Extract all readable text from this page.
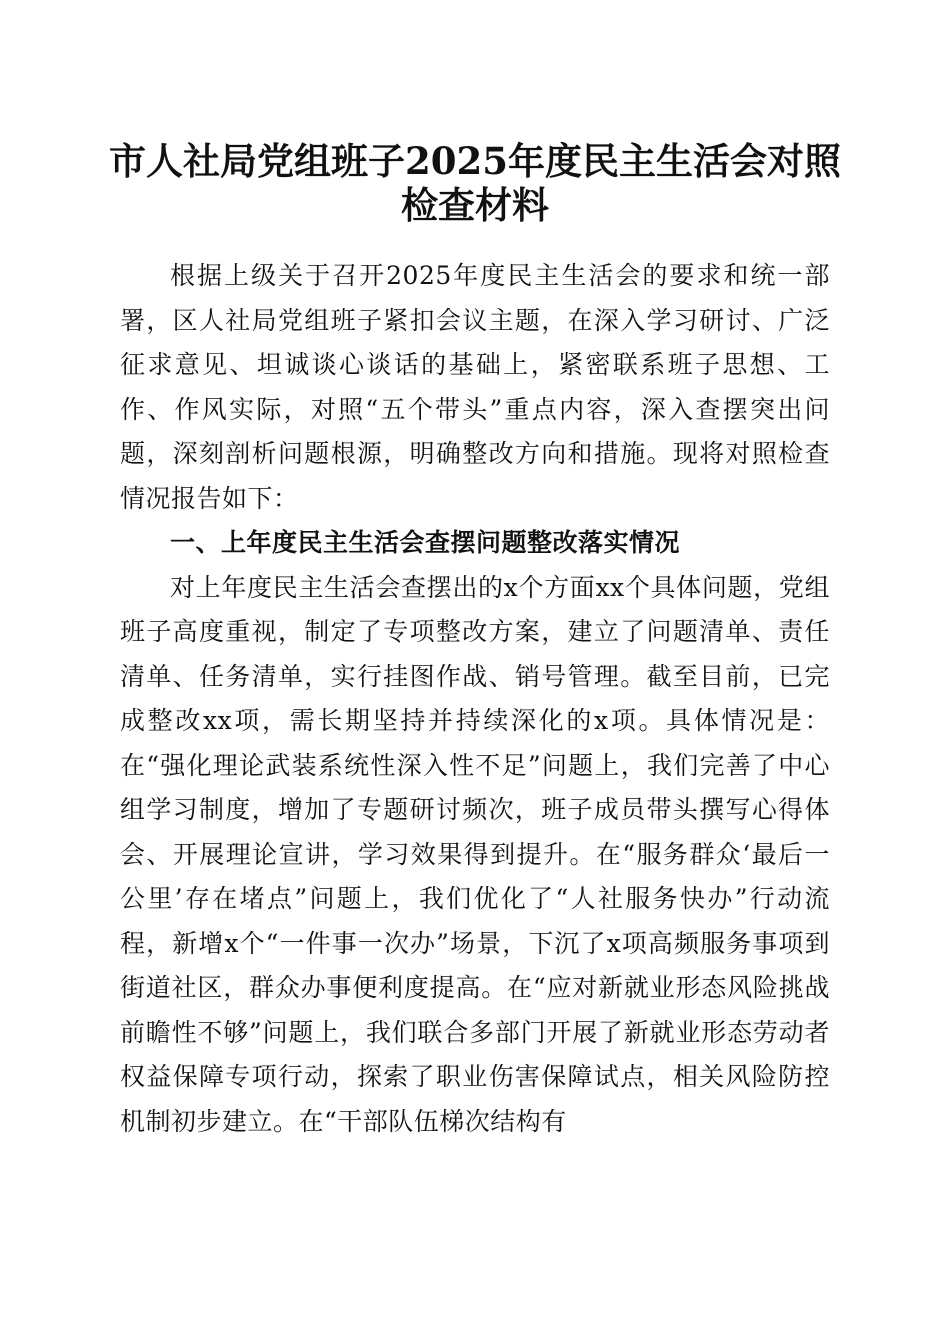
市人社局党组班子2025年度民主生活会对照
检查材料

根据上级关于召开2025年度民主生活会的要求和统一部署，区人社局党组班子紧扣会议主题，在深入学习研讨、广泛征求意见、坦诚谈心谈话的基础上，紧密联系班子思想、工作、作风实际，对照“五个带头”重点内容，深入查摆突出问题，深刻剖析问题根源，明确整改方向和措施。现将对照检查情况报告如下：

一、上年度民主生活会查摆问题整改落实情况

对上年度民主生活会查摆出的x个方面xx个具体问题，党组班子高度重视，制定了专项整改方案，建立了问题清单、责任清单、任务清单，实行挂图作战、销号管理。截至目前，已完成整改xx项，需长期坚持并持续深化的x项。具体情况是：在“强化理论武装系统性深入性不足”问题上，我们完善了中心组学习制度，增加了专题研讨频次，班子成员带头撰写心得体会、开展理论宣讲，学习效果得到提升。在“服务群众‘最后一公里’存在堵点”问题上，我们优化了“人社服务快办”行动流程，新增x个“一件事一次办”场景，下沉了x项高频服务事项到街道社区，群众办事便利度提高。在“应对新就业形态风险挑战前瞻性不够”问题上，我们联合多部门开展了新就业形态劳动者权益保障专项行动，探索了职业伤害保障试点，相关风险防控机制初步建立。在“干部队伍梯次结构有
